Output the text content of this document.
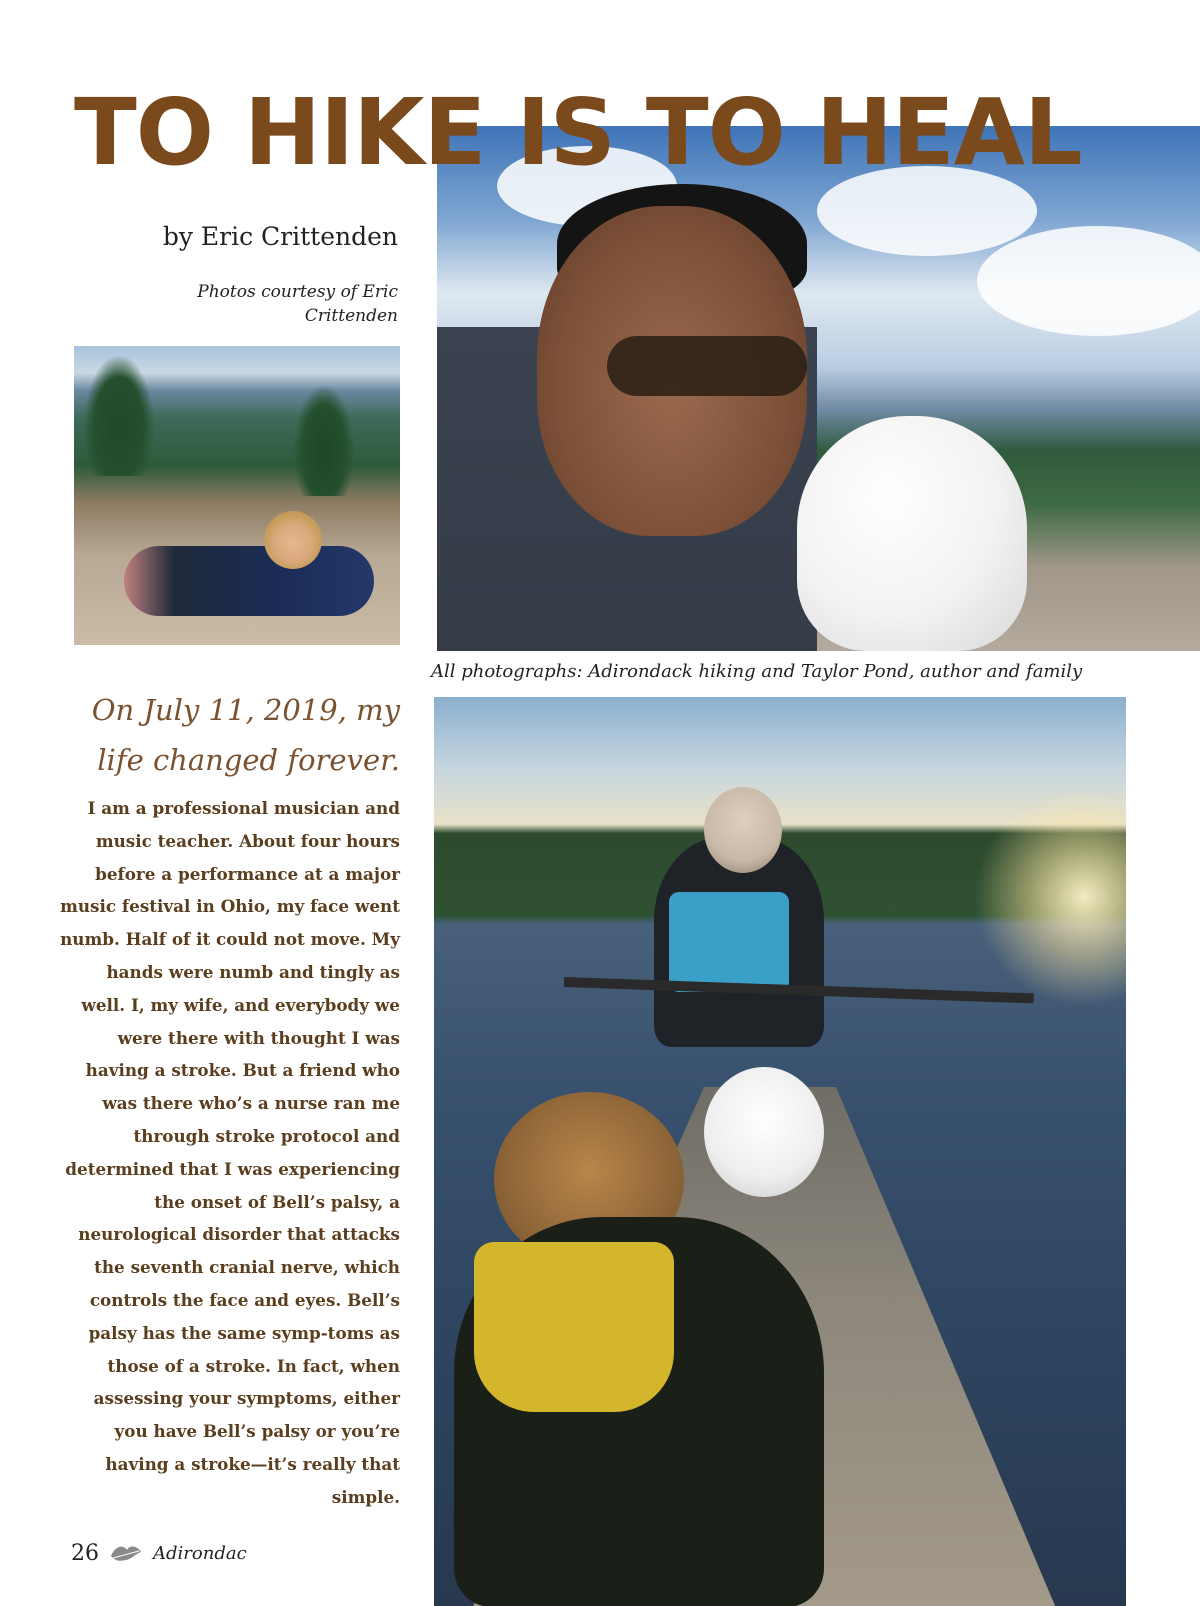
TO HIKE IS TO HEAL
by Eric Crittenden
Photos courtesy of Eric Crittenden
All photographs: Adirondack hiking and Taylor Pond, author and family

On July 11, 2019, my life changed forever.

I am a professional musician and music teacher. About four hours before a performance at a major music festival in Ohio, my face went numb. Half of it could not move. My hands were numb and tingly as well. I, my wife, and everybody we were there with thought I was having a stroke. But a friend who was there who’s a nurse ran me through stroke protocol and determined that I was experiencing the onset of Bell’s palsy, a neurological disorder that attacks the seventh cranial nerve, which controls the face and eyes. Bell’s palsy has the same symp-toms as those of a stroke. In fact, when assessing your symptoms, either you have Bell’s palsy or you’re having a stroke—it’s really that simple.

26	Adirondac
